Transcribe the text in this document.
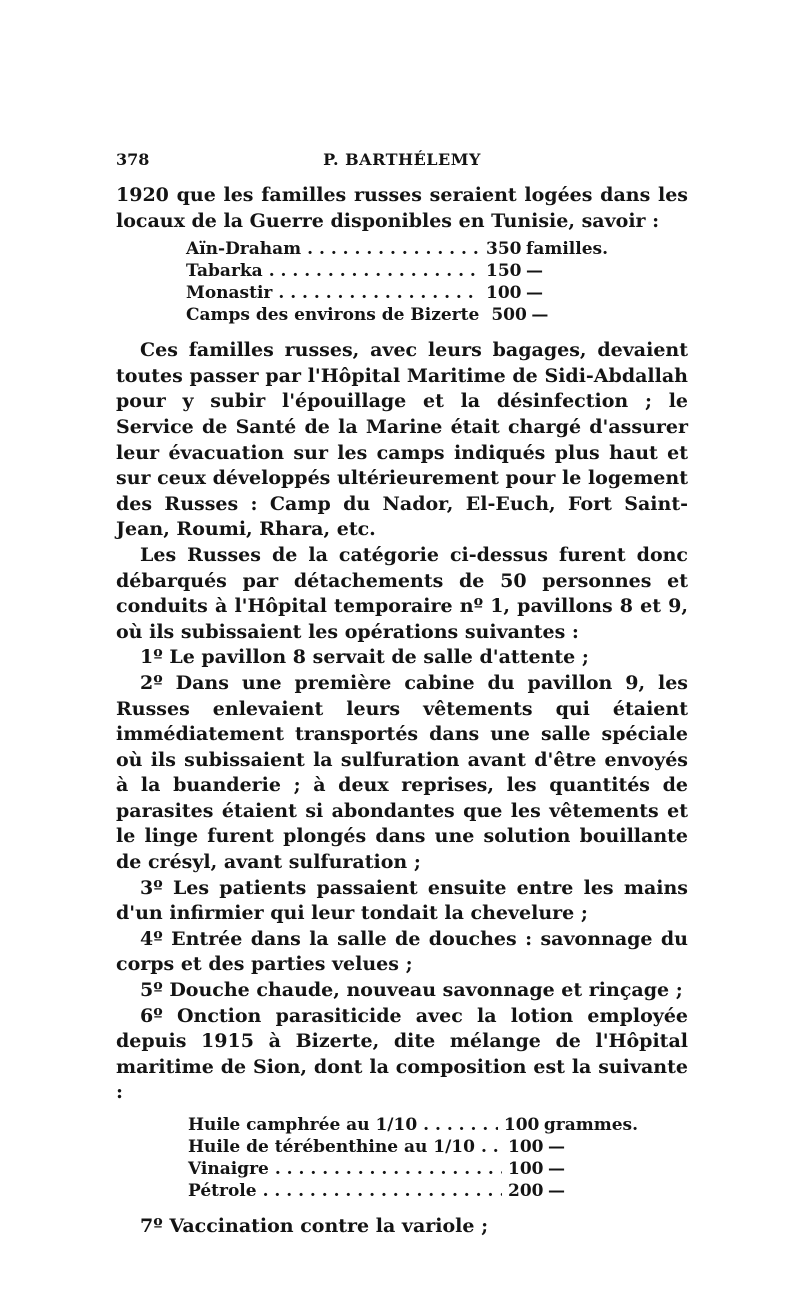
378	P. BARTHÉLEMY

1920 que les familles russes seraient logées dans les locaux de la Guerre disponibles en Tunisie, savoir :

Aïn-Draham . . .	350 familles.
Tabarka . . .	150 —
Monastir . . .	100 —
Camps des environs de Bizerte 500 —

Ces familles russes, avec leurs bagages, devaient toutes passer par l'Hôpital Maritime de Sidi-Abdallah pour y subir l'épouillage et la désinfection ; le Service de Santé de la Marine était chargé d'assurer leur évacuation sur les camps indiqués plus haut et sur ceux développés ultérieurement pour le logement des Russes : Camp du Nador, El-Euch, Fort Saint-Jean, Roumi, Rhara, etc.

Les Russes de la catégorie ci-dessus furent donc débarqués par détachements de 50 personnes et conduits à l'Hôpital temporaire nº 1, pavillons 8 et 9, où ils subissaient les opérations suivantes :

1º Le pavillon 8 servait de salle d'attente ;

2º Dans une première cabine du pavillon 9, les Russes enlevaient leurs vêtements qui étaient immédiatement transportés dans une salle spéciale où ils subissaient la sulfuration avant d'être envoyés à la buanderie ; à deux reprises, les quantités de parasites étaient si abondantes que les vêtements et le linge furent plongés dans une solution bouillante de crésyl, avant sulfuration ;

3º Les patients passaient ensuite entre les mains d'un infirmier qui leur tondait la chevelure ;

4º Entrée dans la salle de douches : savonnage du corps et des parties velues ;

5º Douche chaude, nouveau savonnage et rinçage ;

6º Onction parasiticide avec la lotion employée depuis 1915 à Bizerte, dite mélange de l'Hôpital maritime de Sion, dont la composition est la suivante :

Huile camphrée au 1/10 . . .	100 grammes.
Huile de térébenthine au 1/10 . . . 100 —
Vinaigre . . .	100 —
Pétrole . . .	200 —

7º Vaccination contre la variole ;
